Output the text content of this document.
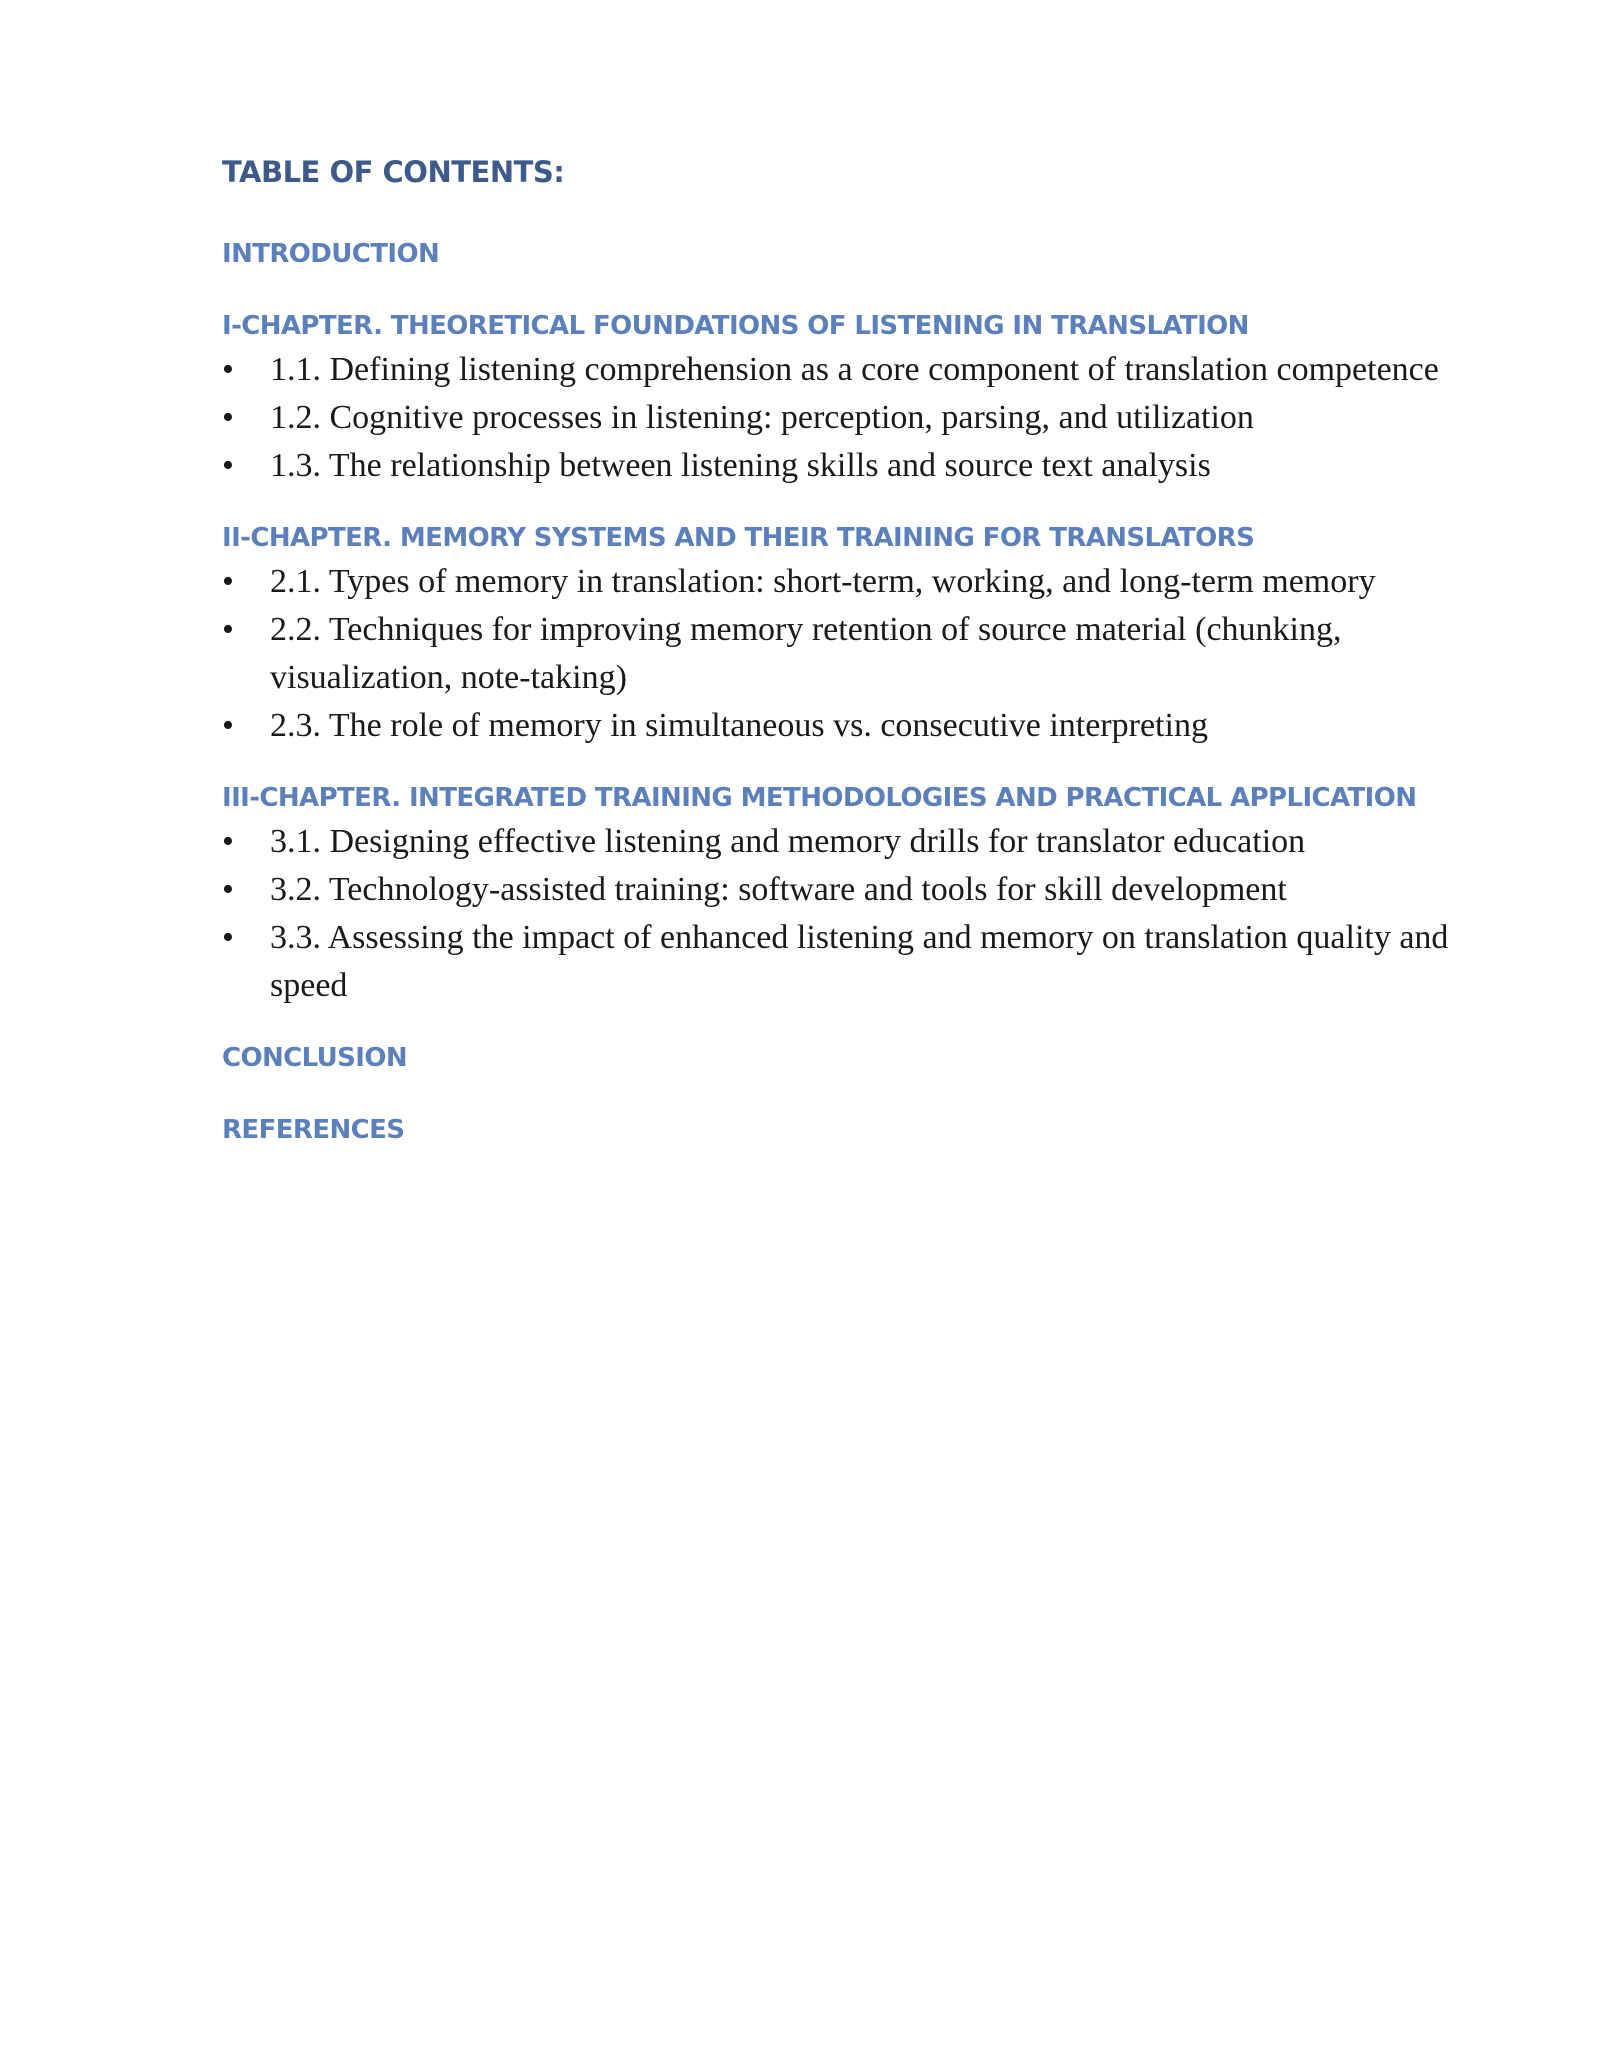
TABLE OF CONTENTS:
INTRODUCTION
I-CHAPTER. THEORETICAL FOUNDATIONS OF LISTENING IN TRANSLATION
• 1.1. Defining listening comprehension as a core component of translation competence
• 1.2. Cognitive processes in listening: perception, parsing, and utilization
• 1.3. The relationship between listening skills and source text analysis
II-CHAPTER. MEMORY SYSTEMS AND THEIR TRAINING FOR TRANSLATORS
• 2.1. Types of memory in translation: short-term, working, and long-term memory
• 2.2. Techniques for improving memory retention of source material (chunking, visualization, note-taking)
• 2.3. The role of memory in simultaneous vs. consecutive interpreting
III-CHAPTER. INTEGRATED TRAINING METHODOLOGIES AND PRACTICAL APPLICATION
• 3.1. Designing effective listening and memory drills for translator education
• 3.2. Technology-assisted training: software and tools for skill development
• 3.3. Assessing the impact of enhanced listening and memory on translation quality and speed
CONCLUSION
REFERENCES
